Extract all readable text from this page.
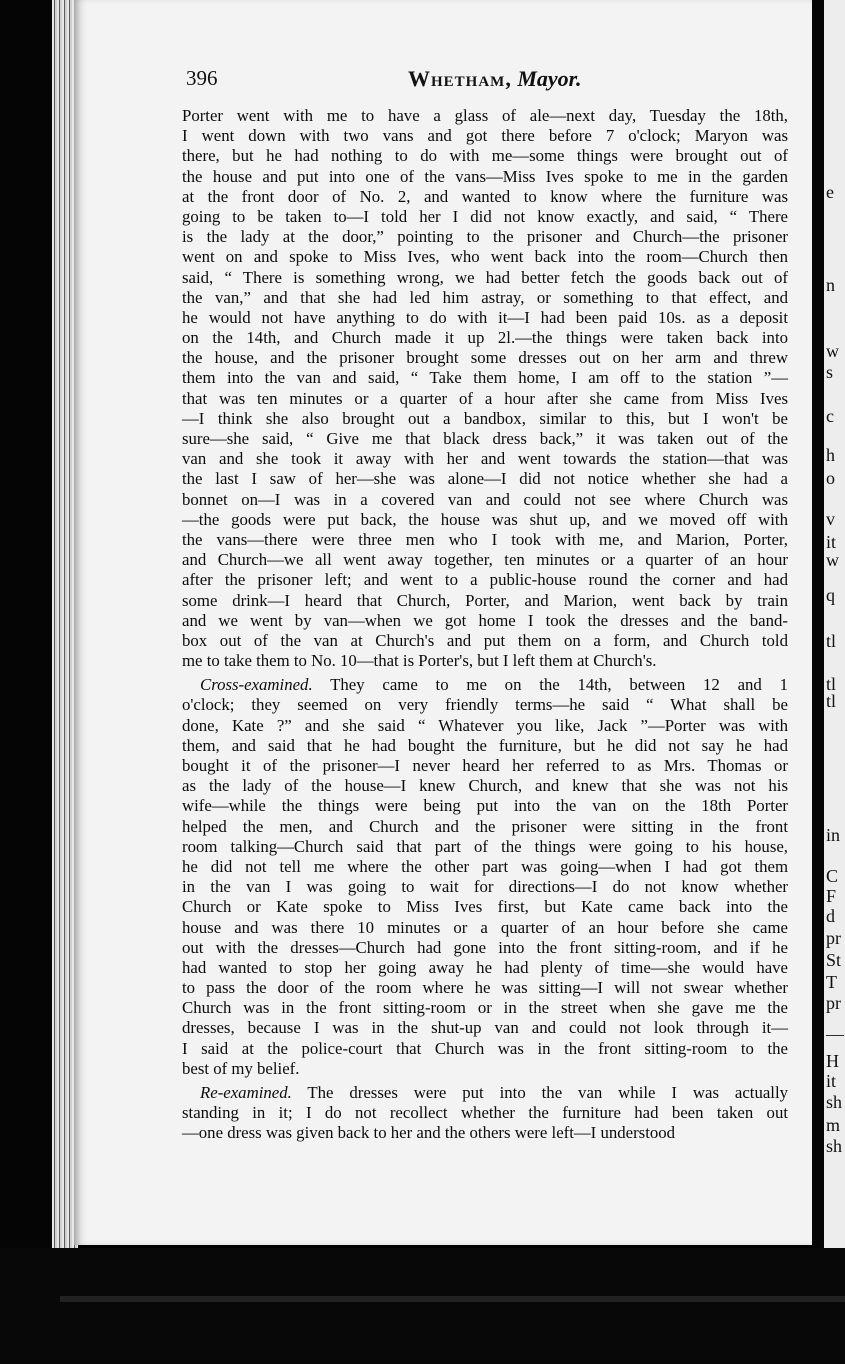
e
n
w
s
c
h
o
v
it
w
q
tl
tl
tl
in
C
F
d
pr
St
T
pr
—
H
it
sh
m
sh
396	Whetham, Mayor.
Porter went with me to have a glass of ale—next day, Tuesday the 18th,
I went down with two vans and got there before 7 o'clock; Maryon was
there, but he had nothing to do with me—some things were brought out of
the house and put into one of the vans—Miss Ives spoke to me in the garden
at the front door of No. 2, and wanted to know where the furniture was
going to be taken to—I told her I did not know exactly, and said, “ There
is the lady at the door,” pointing to the prisoner and Church—the prisoner
went on and spoke to Miss Ives, who went back into the room—Church then
said, “ There is something wrong, we had better fetch the goods back out of
the van,” and that she had led him astray, or something to that effect, and
he would not have anything to do with it—I had been paid 10s. as a deposit
on the 14th, and Church made it up 2l.—the things were taken back into
the house, and the prisoner brought some dresses out on her arm and threw
them into the van and said, “ Take them home, I am off to the station ”—
that was ten minutes or a quarter of a hour after she came from Miss Ives
—I think she also brought out a bandbox, similar to this, but I won't be
sure—she said, “ Give me that black dress back,” it was taken out of the
van and she took it away with her and went towards the station—that was
the last I saw of her—she was alone—I did not notice whether she had a
bonnet on—I was in a covered van and could not see where Church was
—the goods were put back, the house was shut up, and we moved off with
the vans—there were three men who I took with me, and Marion, Porter,
and Church—we all went away together, ten minutes or a quarter of an hour
after the prisoner left; and went to a public-house round the corner and had
some drink—I heard that Church, Porter, and Marion, went back by train
and we went by van—when we got home I took the dresses and the band-
box out of the van at Church's and put them on a form, and Church told
me to take them to No. 10—that is Porter's, but I left them at Church's.
Cross-examined. They came to me on the 14th, between 12 and 1
o'clock; they seemed on very friendly terms—he said “ What shall be
done, Kate ?” and she said “ Whatever you like, Jack ”—Porter was with
them, and said that he had bought the furniture, but he did not say he had
bought it of the prisoner—I never heard her referred to as Mrs. Thomas or
as the lady of the house—I knew Church, and knew that she was not his
wife—while the things were being put into the van on the 18th Porter
helped the men, and Church and the prisoner were sitting in the front
room talking—Church said that part of the things were going to his house,
he did not tell me where the other part was going—when I had got them
in the van I was going to wait for directions—I do not know whether
Church or Kate spoke to Miss Ives first, but Kate came back into the
house and was there 10 minutes or a quarter of an hour before she came
out with the dresses—Church had gone into the front sitting-room, and if he
had wanted to stop her going away he had plenty of time—she would have
to pass the door of the room where he was sitting—I will not swear whether
Church was in the front sitting-room or in the street when she gave me the
dresses, because I was in the shut-up van and could not look through it—
I said at the police-court that Church was in the front sitting-room to the
best of my belief.
Re-examined. The dresses were put into the van while I was actually
standing in it; I do not recollect whether the furniture had been taken out
—one dress was given back to her and the others were left—I understood
